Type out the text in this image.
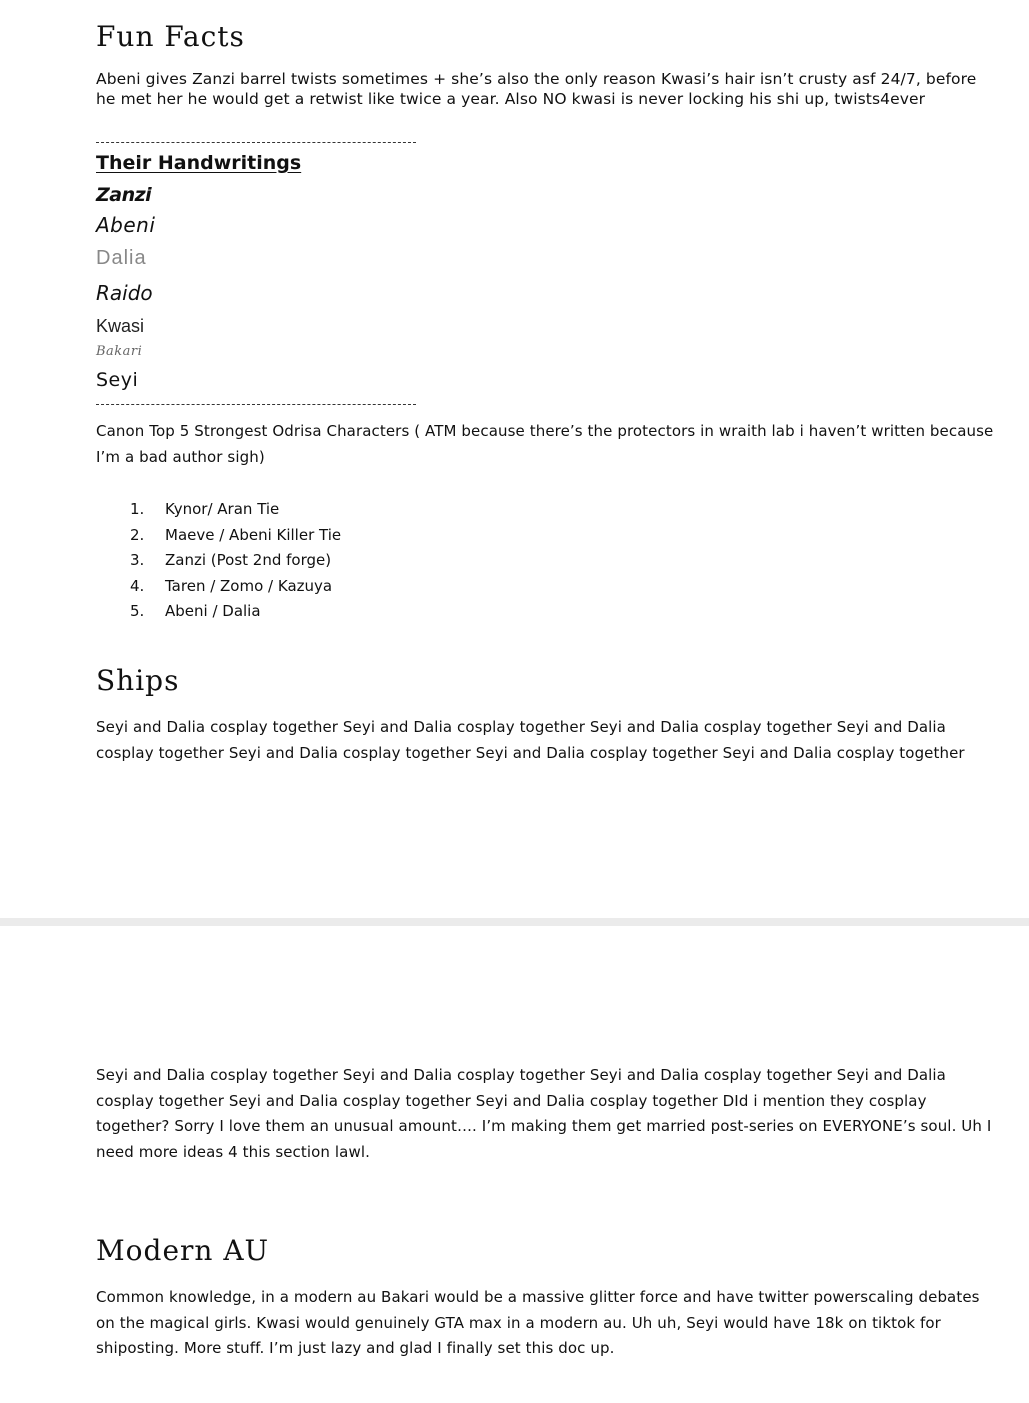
Fun Facts

Abeni gives Zanzi barrel twists sometimes + she’s also the only reason Kwasi’s hair isn’t crusty asf 24/7, before he met her he would get a retwist like twice a year. Also NO kwasi is never locking his shi up, twists4ever

Their Handwritings

Zanzi

Abeni

Dalia

Raido

Kwasi

Bakari

Seyi

Canon Top 5 Strongest Odrisa Characters ( ATM because there’s the protectors in wraith lab i haven’t written because I’m a bad author sigh)

1. Kynor/ Aran Tie
2. Maeve / Abeni Killer Tie
3. Zanzi (Post 2nd forge)
4. Taren / Zomo / Kazuya
5. Abeni / Dalia
Ships

Seyi and Dalia cosplay together Seyi and Dalia cosplay together Seyi and Dalia cosplay together Seyi and Dalia cosplay together Seyi and Dalia cosplay together Seyi and Dalia cosplay together Seyi and Dalia cosplay together

Seyi and Dalia cosplay together Seyi and Dalia cosplay together Seyi and Dalia cosplay together Seyi and Dalia cosplay together Seyi and Dalia cosplay together Seyi and Dalia cosplay together DId i mention they cosplay together? Sorry I love them an unusual amount…. I’m making them get married post-series on EVERYONE’s soul. Uh I need more ideas 4 this section lawl.

Modern AU

Common knowledge, in a modern au Bakari would be a massive glitter force and have twitter powerscaling debates on the magical girls. Kwasi would genuinely GTA max in a modern au. Uh uh, Seyi would have 18k on tiktok for shiposting. More stuff. I’m just lazy and glad I finally set this doc up.
